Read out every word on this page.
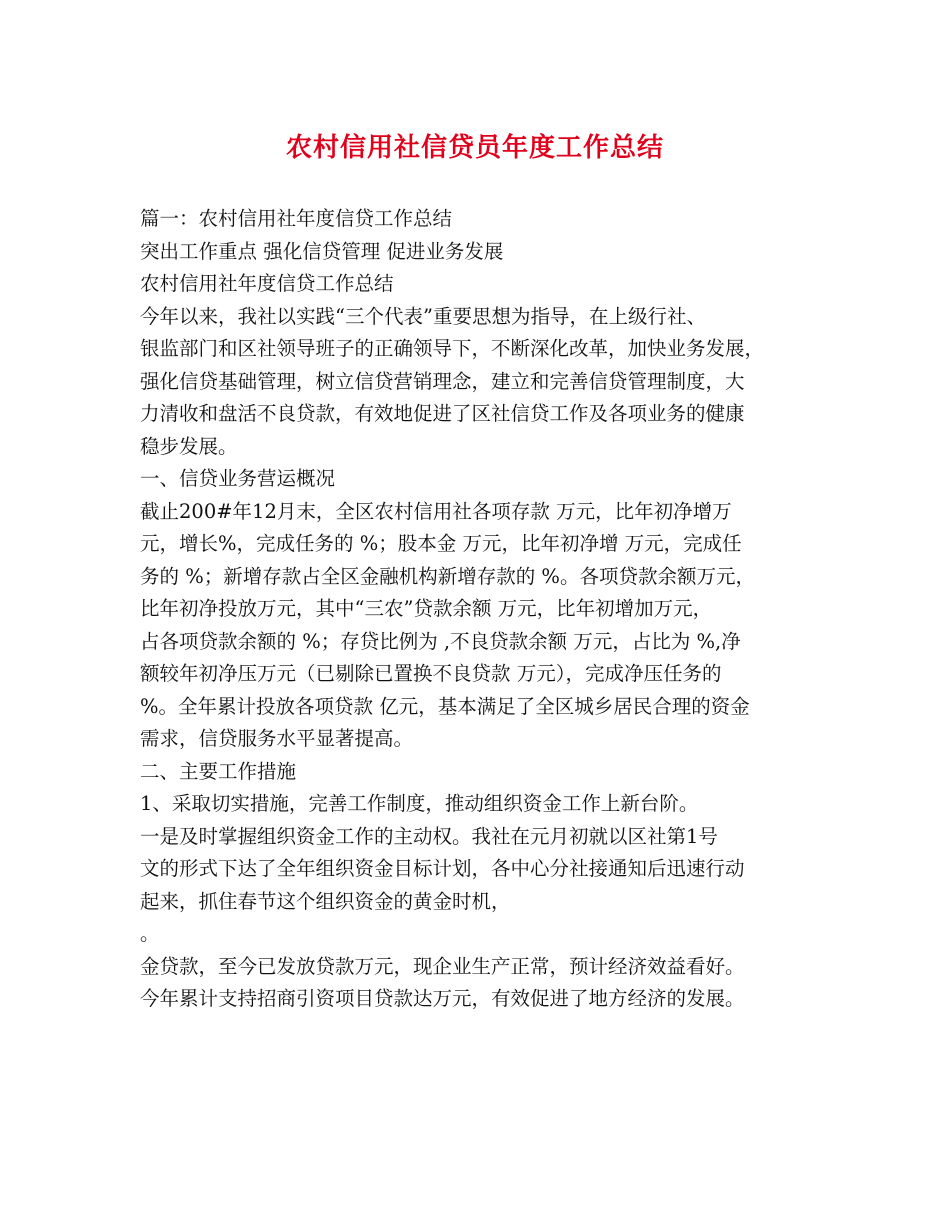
农村信用社信贷员年度工作总结
篇一：农村信用社年度信贷工作总结
突出工作重点 强化信贷管理 促进业务发展
农村信用社年度信贷工作总结
今年以来，我社以实践“三个代表”重要思想为指导，在上级行社、
银监部门和区社领导班子的正确领导下，不断深化改革，加快业务发展，
强化信贷基础管理，树立信贷营销理念，建立和完善信贷管理制度，大
力清收和盘活不良贷款，有效地促进了区社信贷工作及各项业务的健康
稳步发展。
一、信贷业务营运概况
截止200#年12月末，全区农村信用社各项存款 万元，比年初净增万
元，增长%，完成任务的 %；股本金 万元，比年初净增 万元，完成任
务的 %；新增存款占全区金融机构新增存款的 %。各项贷款余额万元，
比年初净投放万元，其中“三农”贷款余额 万元，比年初增加万元，
占各项贷款余额的 %；存贷比例为 ,不良贷款余额 万元，占比为 %,净
额较年初净压万元（已剔除已置换不良贷款 万元），完成净压任务的
%。全年累计投放各项贷款 亿元，基本满足了全区城乡居民合理的资金
需求，信贷服务水平显著提高。
二、主要工作措施
1、采取切实措施，完善工作制度，推动组织资金工作上新台阶。
一是及时掌握组织资金工作的主动权。我社在元月初就以区社第1号
文的形式下达了全年组织资金目标计划，各中心分社接通知后迅速行动
起来，抓住春节这个组织资金的黄金时机，
。
金贷款，至今已发放贷款万元，现企业生产正常，预计经济效益看好。
今年累计支持招商引资项目贷款达万元，有效促进了地方经济的发展。
